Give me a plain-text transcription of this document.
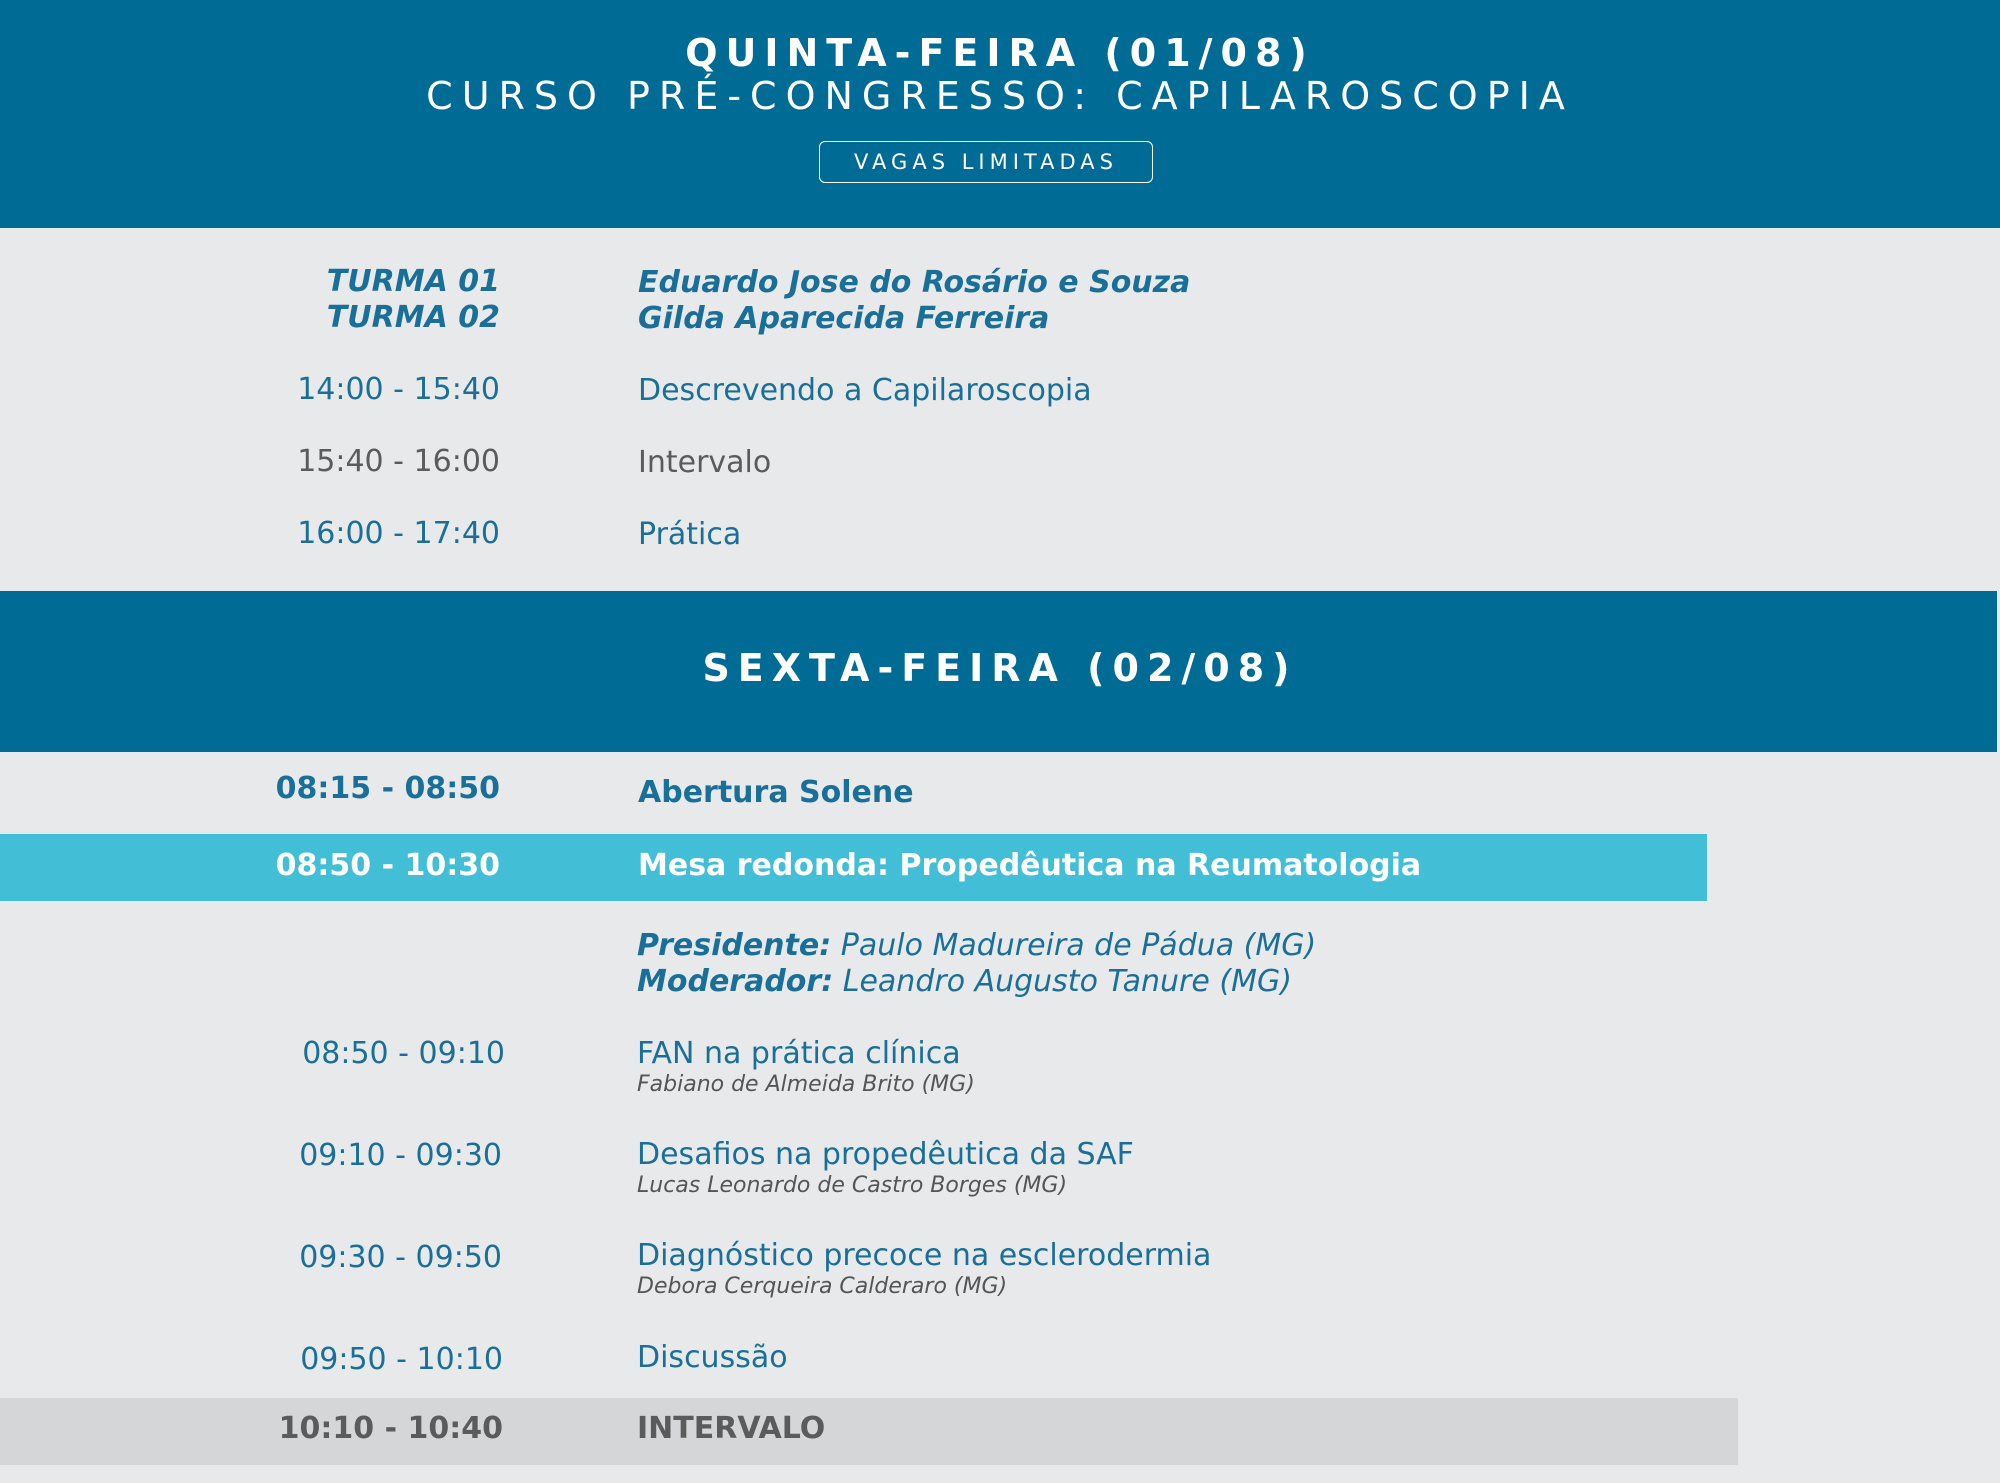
QUINTA-FEIRA (01/08)
CURSO PRÉ-CONGRESSO: CAPILAROSCOPIA
VAGAS LIMITADAS
TURMA 01	Eduardo Jose do Rosário e Souza
TURMA 02	Gilda Aparecida Ferreira
14:00 - 15:40	Descrevendo a Capilaroscopia
15:40 - 16:00	Intervalo
16:00 - 17:40	Prática
SEXTA-FEIRA (02/08)
08:15 - 08:50	Abertura Solene
08:50 - 10:30	Mesa redonda: Propedêutica na Reumatologia
Presidente: Paulo Madureira de Pádua (MG)
Moderador: Leandro Augusto Tanure (MG)
08:50 - 09:10	FAN na prática clínica
Fabiano de Almeida Brito (MG)
09:10 - 09:30	Desafios na propedêutica da SAF
Lucas Leonardo de Castro Borges (MG)
09:30 - 09:50	Diagnóstico precoce na esclerodermia
Debora Cerqueira Calderaro (MG)
09:50 - 10:10	Discussão
10:10 - 10:40	INTERVALO
